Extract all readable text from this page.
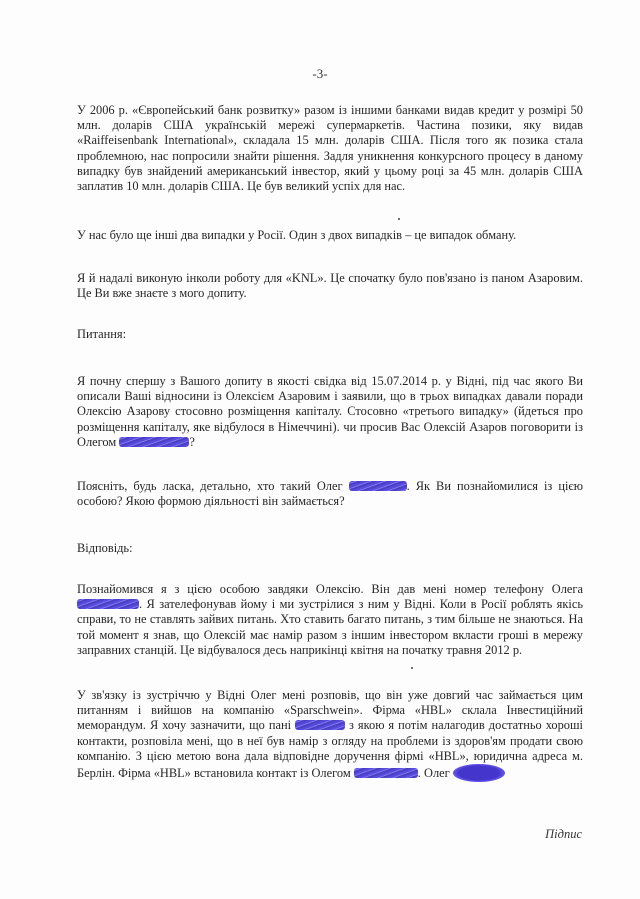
-3-

У 2006 р. «Європейський банк розвитку» разом із іншими банками видав кредит у розмірі 50 млн. доларів США українській мережі супермаркетів. Частина позики, яку видав «Raiffeisenbank International», складала 15 млн. доларів США. Після того як позика стала проблемною, нас попросили знайти рішення. Задля уникнення конкурсного процесу в даному випадку був знайдений американський інвестор, який у цьому році за 45 млн. доларів США заплатив 10 млн. доларів США. Це був великий успіх для нас.

У нас було ще інші два випадки у Росії. Один з двох випадків – це випадок обману.

Я й надалі виконую інколи роботу для «KNL». Це спочатку було пов'язано із паном Азаровим. Це Ви вже знаєте з мого допиту.

Питання:

Я почну спершу з Вашого допиту в якості свідка від 15.07.2014 р. у Відні, під час якого Ви описали Ваші відносини із Олексієм Азаровим і заявили, що в трьох випадках давали поради Олексію Азарову стосовно розміщення капіталу. Стосовно «третього випадку» (йдеться про розміщення капіталу, яке відбулося в Німеччині). чи просив Вас Олексій Азаров поговорити із Олегом	?

Поясніть, будь ласка, детально, хто такий Олег	. Як Ви познайомилися із цією особою? Якою формою діяльності він займається?

Відповідь:

Познайомився я з цією особою завдяки Олексію. Він дав мені номер телефону Олега . Я зателефонував йому і ми зустрілися з ним у Відні. Коли в Росії роблять якісь справи, то не ставлять зайвих питань. Хто ставить багато питань, з тим більше не знаються. На той момент я знав, що Олексій має намір разом з іншим інвестором вкласти гроші в мережу заправних станцій. Це відбувалося десь наприкінці квітня на початку травня 2012 р.

У зв'язку із зустріччю у Відні Олег мені розповів, що він уже довгий час займається цим питанням і вийшов на компанію «Sparschwein». Фірма «HBL» склала Інвестиційний меморандум. Я хочу зазначити, що пані	з якою я потім налагодив достатньо хороші контакти, розповіла мені, що в неї був намір з огляду на проблеми із здоров'ям продати свою компанію. З цією метою вона дала відповідне доручення фірмі «HBL», юридична адреса м. Берлін. Фірма «HBL» встановила контакт із Олегом	. Олег

Підпис
